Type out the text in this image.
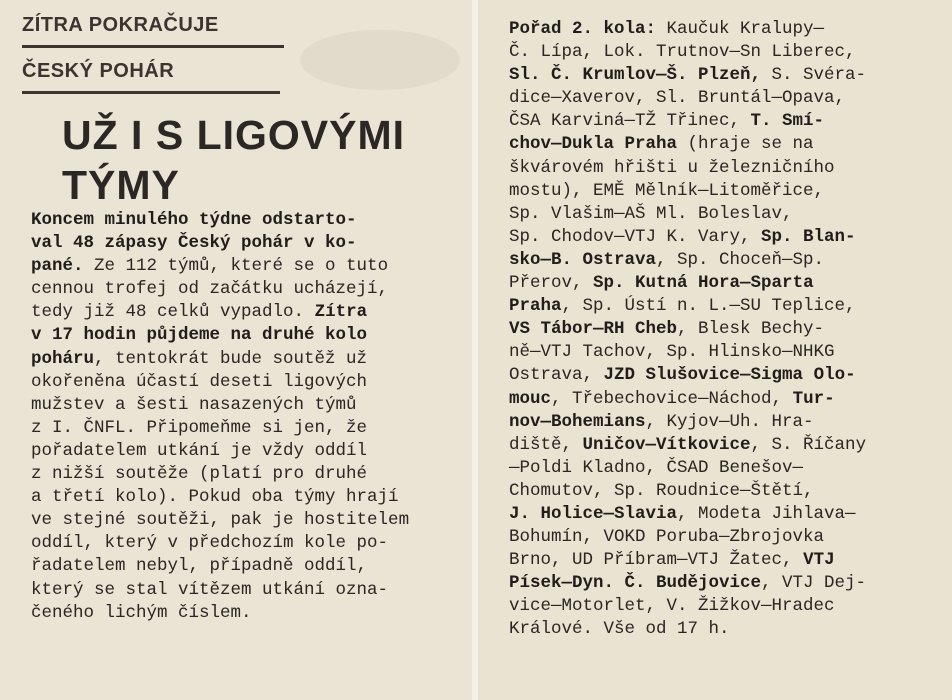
ZÍTRA POKRAČUJE
ČESKÝ POHÁR
UŽ I S LIGOVÝMI
TÝMY
Koncem minulého týdne odstarto-
val 48 zápasy Český pohár v ko-
pané. Ze 112 týmů, které se o tuto
cennou trofej od začátku ucházejí,
tedy již 48 celků vypadlo. Zítra
v 17 hodin půjdeme na druhé kolo
poháru, tentokrát bude soutěž už
okořeněna účastí deseti ligových
mužstev a šesti nasazených týmů
z I. ČNFL. Připomeňme si jen, že
pořadatelem utkání je vždy oddíl
z nižší soutěže (platí pro druhé
a třetí kolo). Pokud oba týmy hrají
ve stejné soutěži, pak je hostitelem
oddíl, který v předchozím kole po-
řadatelem nebyl, případně oddíl,
který se stal vítězem utkání ozna-
čeného lichým číslem.
Pořad 2. kola: Kaučuk Kralupy—
Č. Lípa, Lok. Trutnov—Sn Liberec,
Sl. Č. Krumlov—Š. Plzeň, S. Svéra-
dice—Xaverov, Sl. Bruntál—Opava,
ČSA Karviná—TŽ Třinec, T. Smí-
chov—Dukla Praha (hraje se na
škvárovém hřišti u železničního
mostu), EMĚ Mělník—Litoměřice,
Sp. Vlašim—AŠ Ml. Boleslav,
Sp. Chodov—VTJ K. Vary, Sp. Blan-
sko—B. Ostrava, Sp. Choceň—Sp.
Přerov, Sp. Kutná Hora—Sparta
Praha, Sp. Ústí n. L.—SU Teplice,
VS Tábor—RH Cheb, Blesk Bechy-
ně—VTJ Tachov, Sp. Hlinsko—NHKG
Ostrava, JZD Slušovice—Sigma Olo-
mouc, Třebechovice—Náchod, Tur-
nov—Bohemians, Kyjov—Uh. Hra-
diště, Uničov—Vítkovice, S. Říčany
—Poldi Kladno, ČSAD Benešov—
Chomutov, Sp. Roudnice—Štětí,
J. Holice—Slavia, Modeta Jihlava—
Bohumín, VOKD Poruba—Zbrojovka
Brno, UD Příbram—VTJ Žatec, VTJ
Písek—Dyn. Č. Budějovice, VTJ Dej-
vice—Motorlet, V. Žižkov—Hradec
Králové. Vše od 17 h.
